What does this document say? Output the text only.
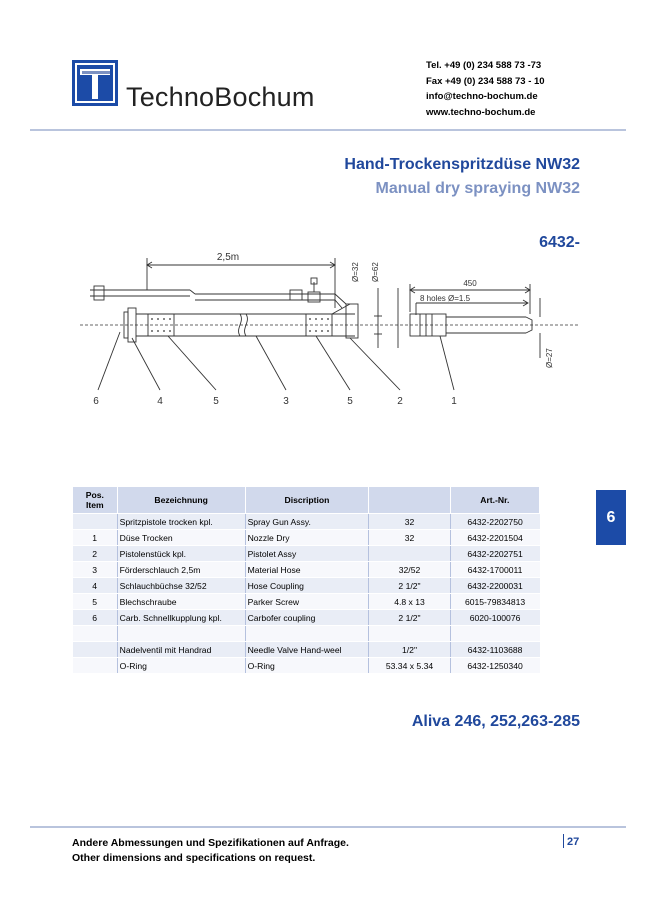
TechnoBochum
Tel. +49 (0) 234 588 73 -73
Fax +49 (0) 234 588 73 - 10
info@techno-bochum.de
www.techno-bochum.de
Hand-Trockenspritzdüse NW32
Manual dry spraying NW32
6432-
2,5m
Ø=32 Ø=62
450
8 holes Ø=1.5
Ø=27
6	4	5	3	5	2	1
6
Pos.
Item	Bezeichnung	Discription		Art.-Nr.
	Spritzpistole trocken kpl.	Spray Gun Assy.	32	6432-2202750
1	Düse Trocken	Nozzle Dry	32	6432-2201504
2	Pistolenstück kpl.	Pistolet Assy		6432-2202751
3	Förderschlauch 2,5m	Material Hose	32/52	6432-1700011
4	Schlauchbüchse 32/52	Hose Coupling	2 1/2"	6432-2200031
5	Blechschraube	Parker Screw	4.8 x 13	6015-79834813
6	Carb. Schnellkupplung kpl.	Carbofer coupling	2 1/2"	6020-100076

	Nadelventil mit Handrad	Needle Valve Hand-weel	1/2"	6432-1103688
	O-Ring	O-Ring	53.34 x 5.34	6432-1250340
Aliva 246, 252,263-285
Andere Abmessungen und Spezifikationen auf Anfrage.
Other dimensions and specifications on request.
27
